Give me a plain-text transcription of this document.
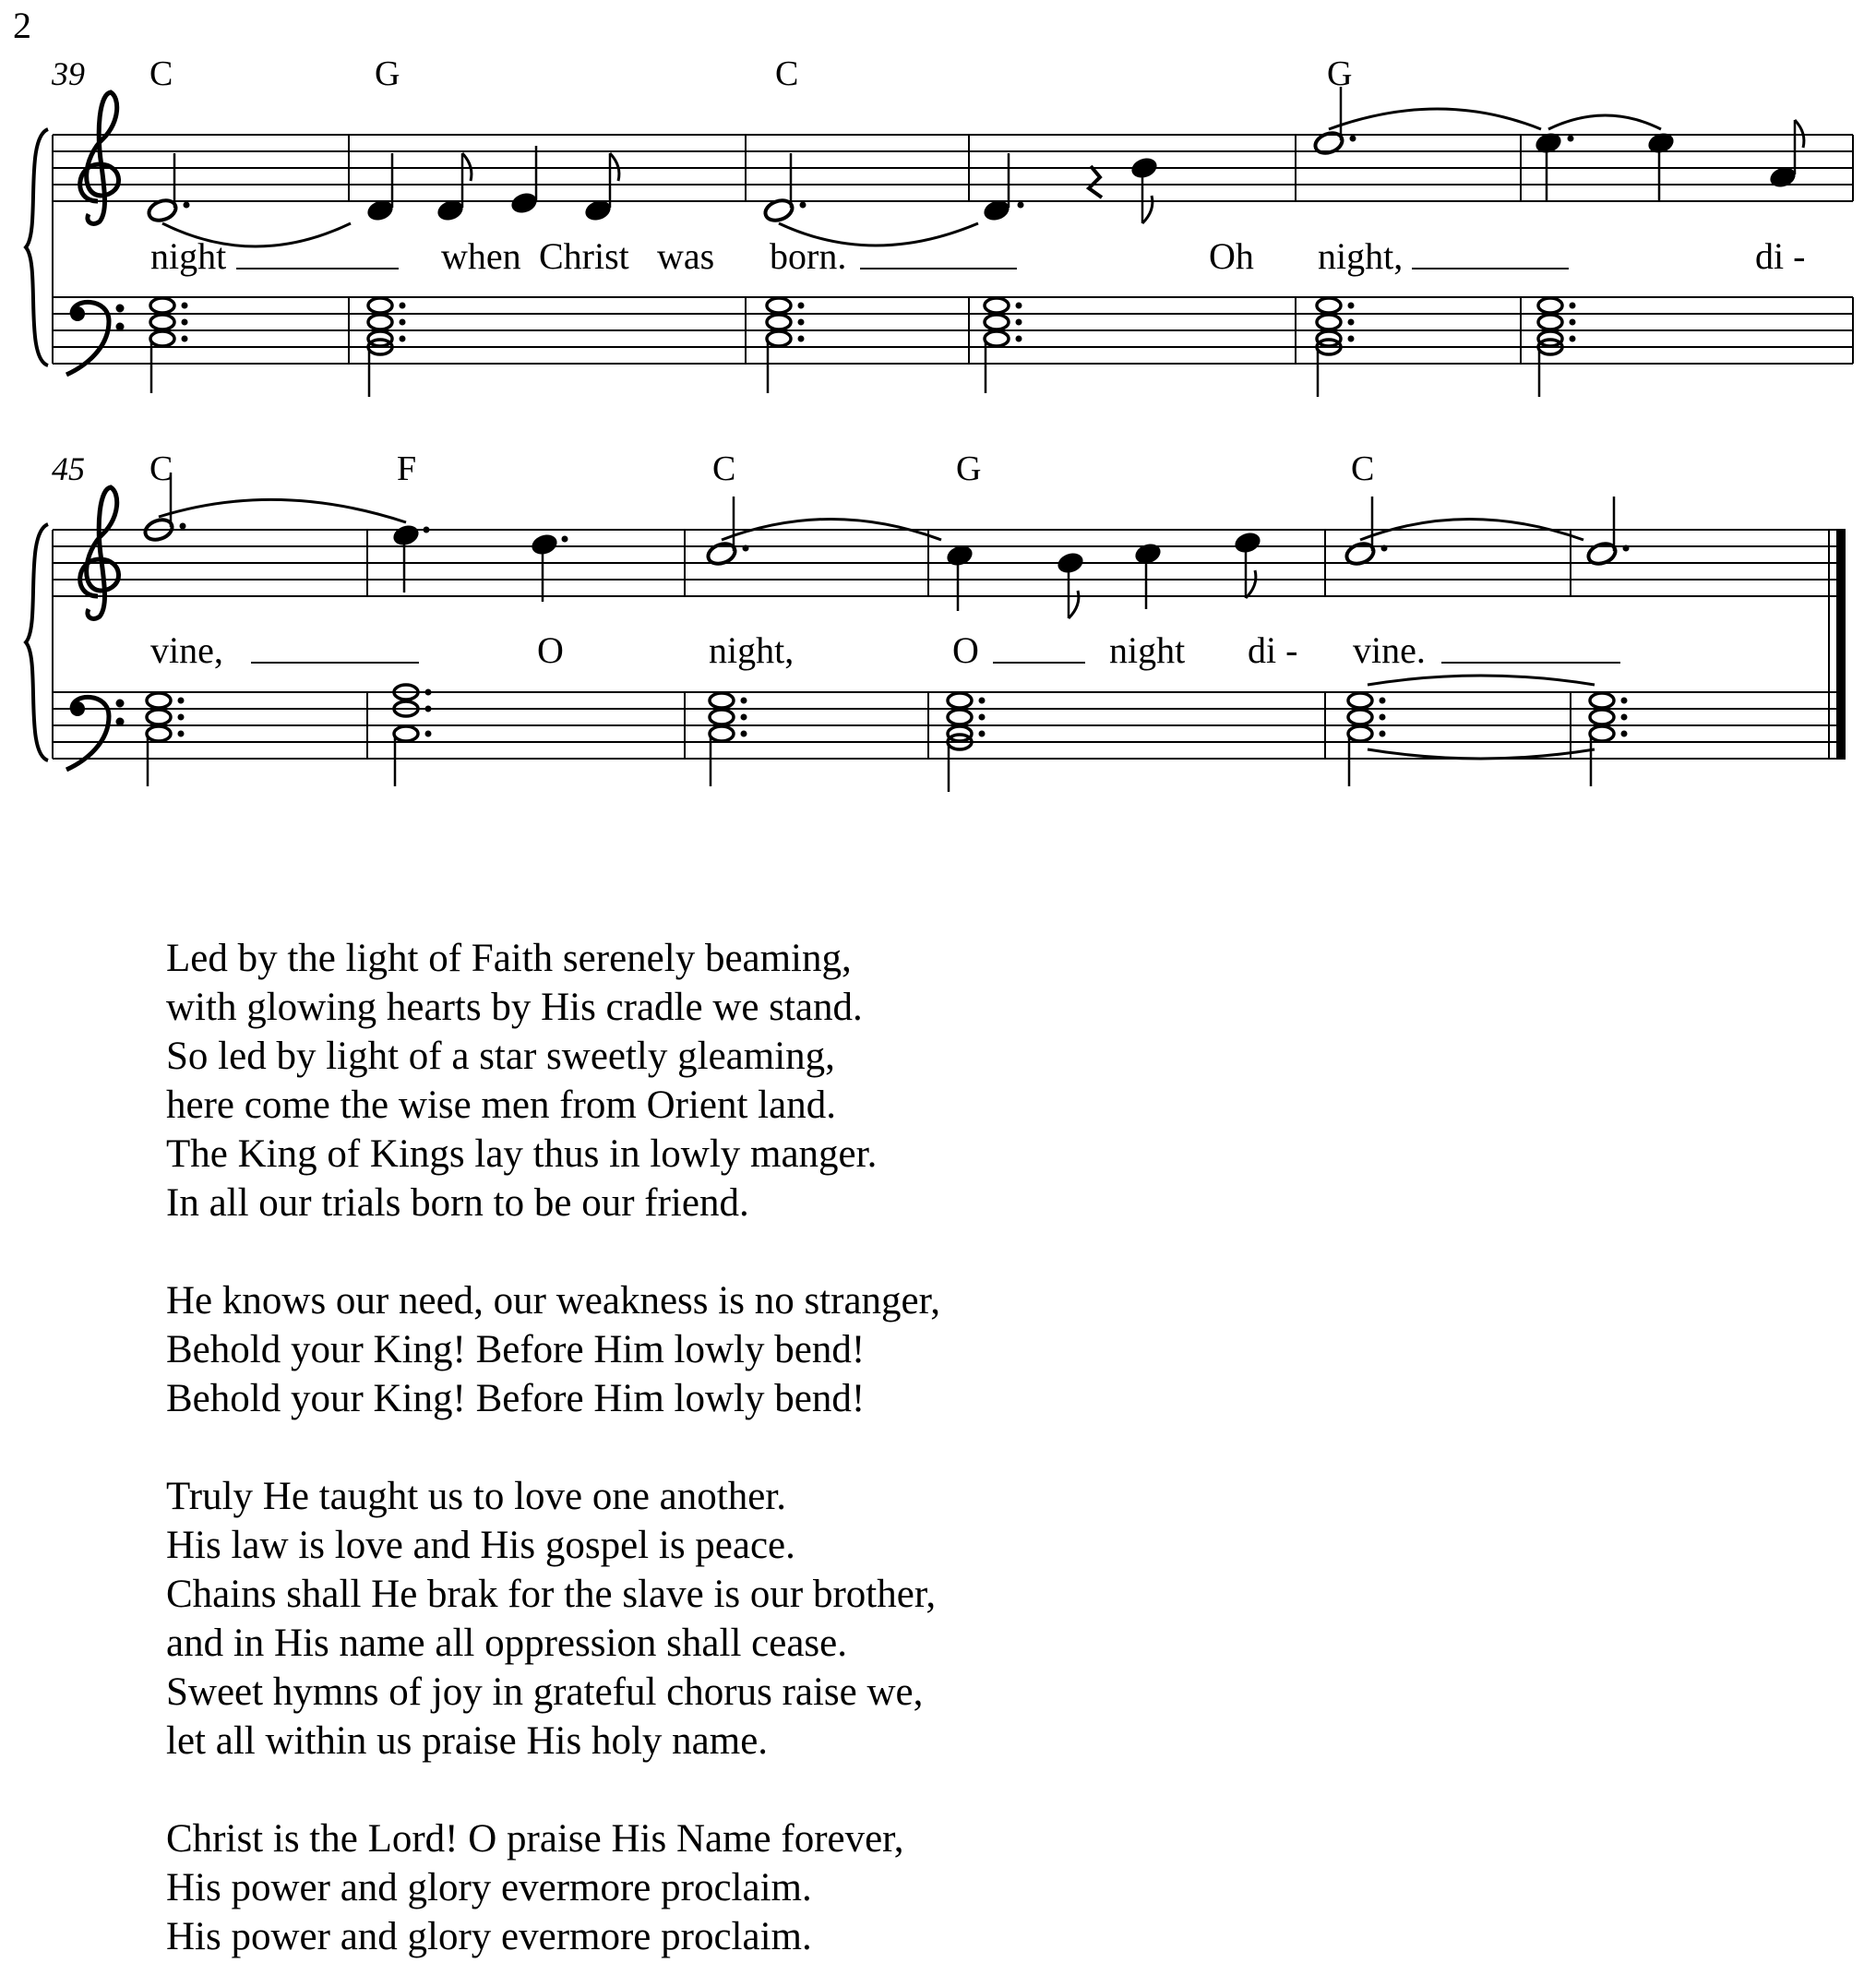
2
39 C	G	C	G
night	when Christ was born.	Oh night,	di -
45 C	F	C	G	C
vine,	O	night,	O	night di - vine.
Led by the light of Faith serenely beaming,
with glowing hearts by His cradle we stand.
So led by light of a star sweetly gleaming,
here come the wise men from Orient land.
The King of Kings lay thus in lowly manger.
In all our trials born to be our friend.
He knows our need, our weakness is no stranger,
Behold your King! Before Him lowly bend!
Behold your King! Before Him lowly bend!
Truly He taught us to love one another.
His law is love and His gospel is peace.
Chains shall He brak for the slave is our brother,
and in His name all oppression shall cease.
Sweet hymns of joy in grateful chorus raise we,
let all within us praise His holy name.
Christ is the Lord! O praise His Name forever,
His power and glory evermore proclaim.
His power and glory evermore proclaim.
